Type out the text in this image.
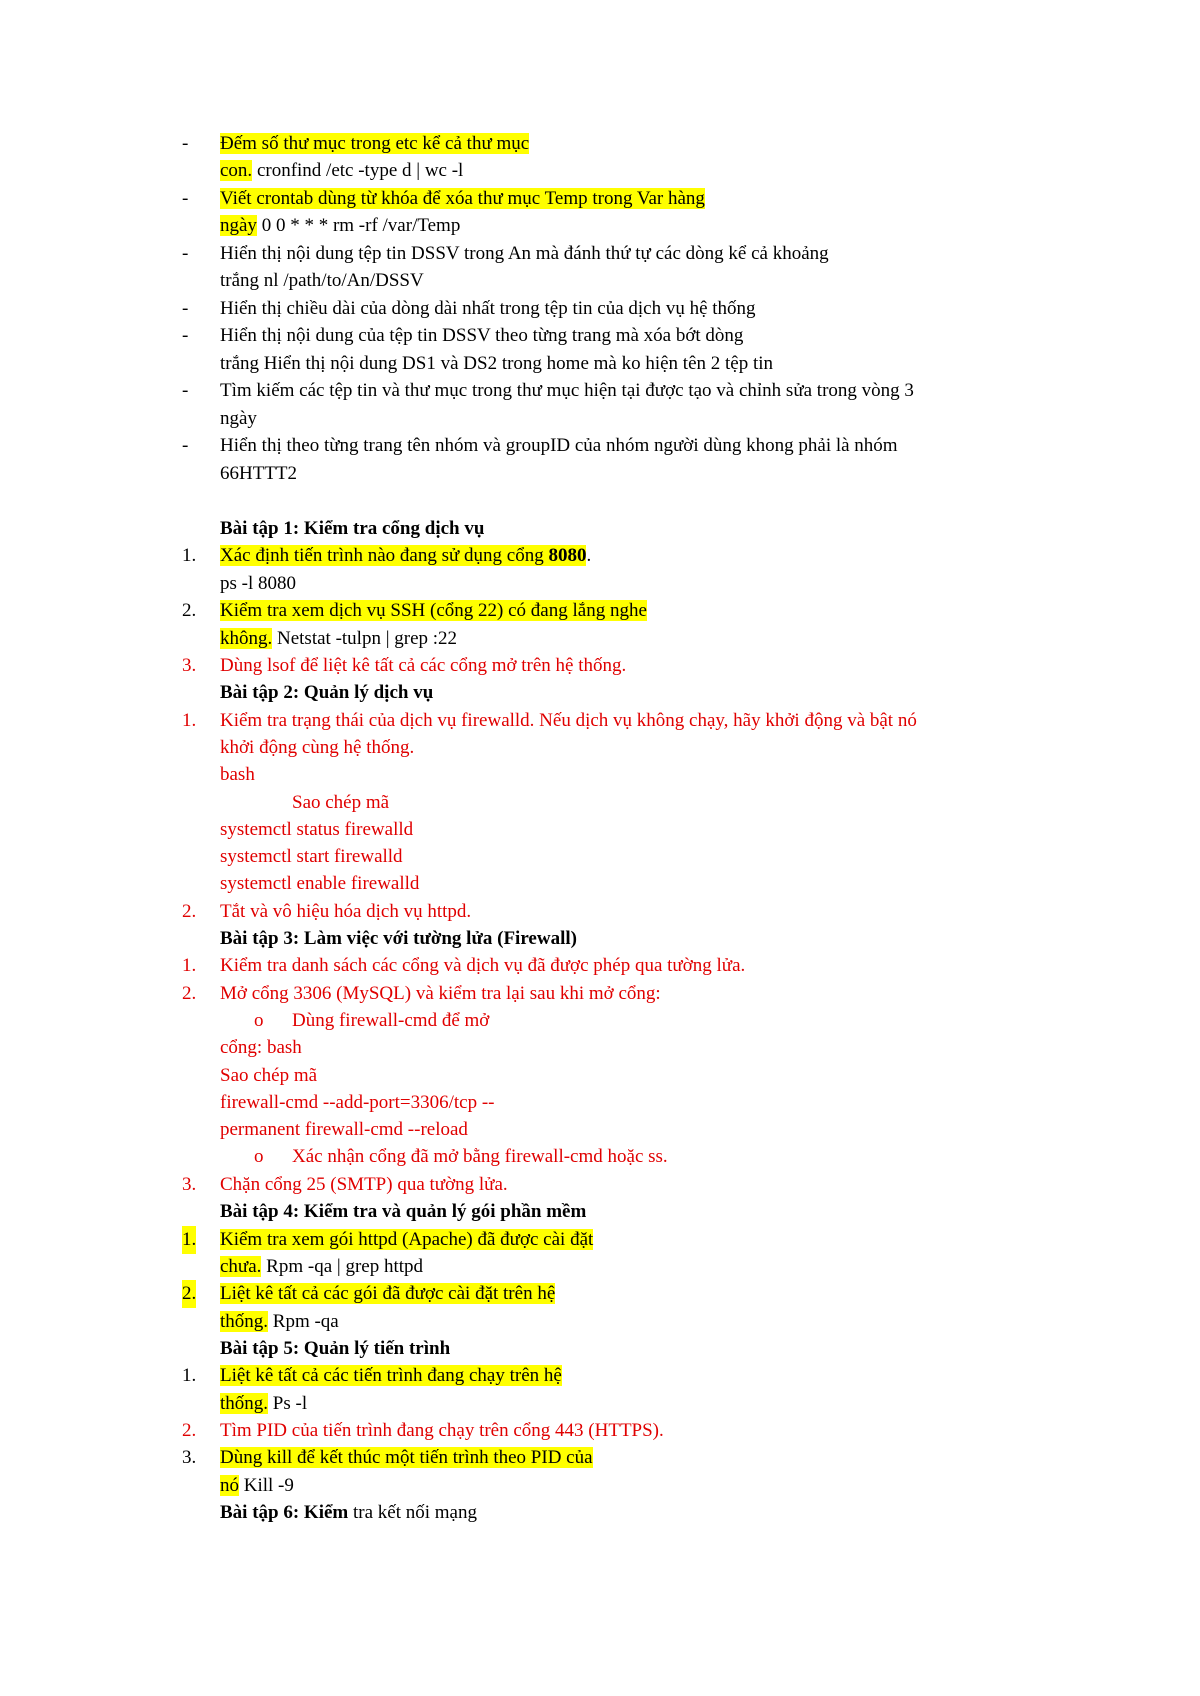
- Đếm số thư mục trong etc kể cả thư mục
con. cronfind /etc -type d | wc -l
- Viết crontab dùng từ khóa để xóa thư mục Temp trong Var hàng
ngày 0 0 * * * rm -rf /var/Temp
- Hiển thị nội dung tệp tin DSSV trong An mà đánh thứ tự các dòng kể cả khoảng
trắng nl /path/to/An/DSSV
- Hiển thị chiều dài của dòng dài nhất trong tệp tin của dịch vụ hệ thống
- Hiển thị nội dung của tệp tin DSSV theo từng trang mà xóa bớt dòng
trắng Hiển thị nội dung DS1 và DS2 trong home mà ko hiện tên 2 tệp tin
- Tìm kiếm các tệp tin và thư mục trong thư mục hiện tại được tạo và chỉnh sửa trong vòng 3
ngày
- Hiển thị theo từng trang tên nhóm và groupID của nhóm người dùng khong phải là nhóm
66HTTT2
Bài tập 1: Kiểm tra cổng dịch vụ
1. Xác định tiến trình nào đang sử dụng cổng 8080.
ps -l 8080
2. Kiểm tra xem dịch vụ SSH (cổng 22) có đang lắng nghe
không. Netstat -tulpn | grep :22
3. Dùng lsof để liệt kê tất cả các cổng mở trên hệ thống.
Bài tập 2: Quản lý dịch vụ
1. Kiểm tra trạng thái của dịch vụ firewalld. Nếu dịch vụ không chạy, hãy khởi động và bật nó
khởi động cùng hệ thống.
bash
Sao chép mã
systemctl status firewalld
systemctl start firewalld
systemctl enable firewalld
2. Tắt và vô hiệu hóa dịch vụ httpd.
Bài tập 3: Làm việc với tường lửa (Firewall)
1. Kiểm tra danh sách các cổng và dịch vụ đã được phép qua tường lửa.
2. Mở cổng 3306 (MySQL) và kiểm tra lại sau khi mở cổng:
o Dùng firewall-cmd để mở
cổng: bash
Sao chép mã
firewall-cmd --add-port=3306/tcp --
permanent firewall-cmd --reload
o Xác nhận cổng đã mở bằng firewall-cmd hoặc ss.
3. Chặn cổng 25 (SMTP) qua tường lửa.
Bài tập 4: Kiểm tra và quản lý gói phần mềm
1. Kiểm tra xem gói httpd (Apache) đã được cài đặt
chưa. Rpm -qa | grep httpd
2. Liệt kê tất cả các gói đã được cài đặt trên hệ
thống. Rpm -qa
Bài tập 5: Quản lý tiến trình
1. Liệt kê tất cả các tiến trình đang chạy trên hệ
thống. Ps -l
2. Tìm PID của tiến trình đang chạy trên cổng 443 (HTTPS).
3. Dùng kill để kết thúc một tiến trình theo PID của
nó Kill -9
Bài tập 6: Kiểm tra kết nối mạng
